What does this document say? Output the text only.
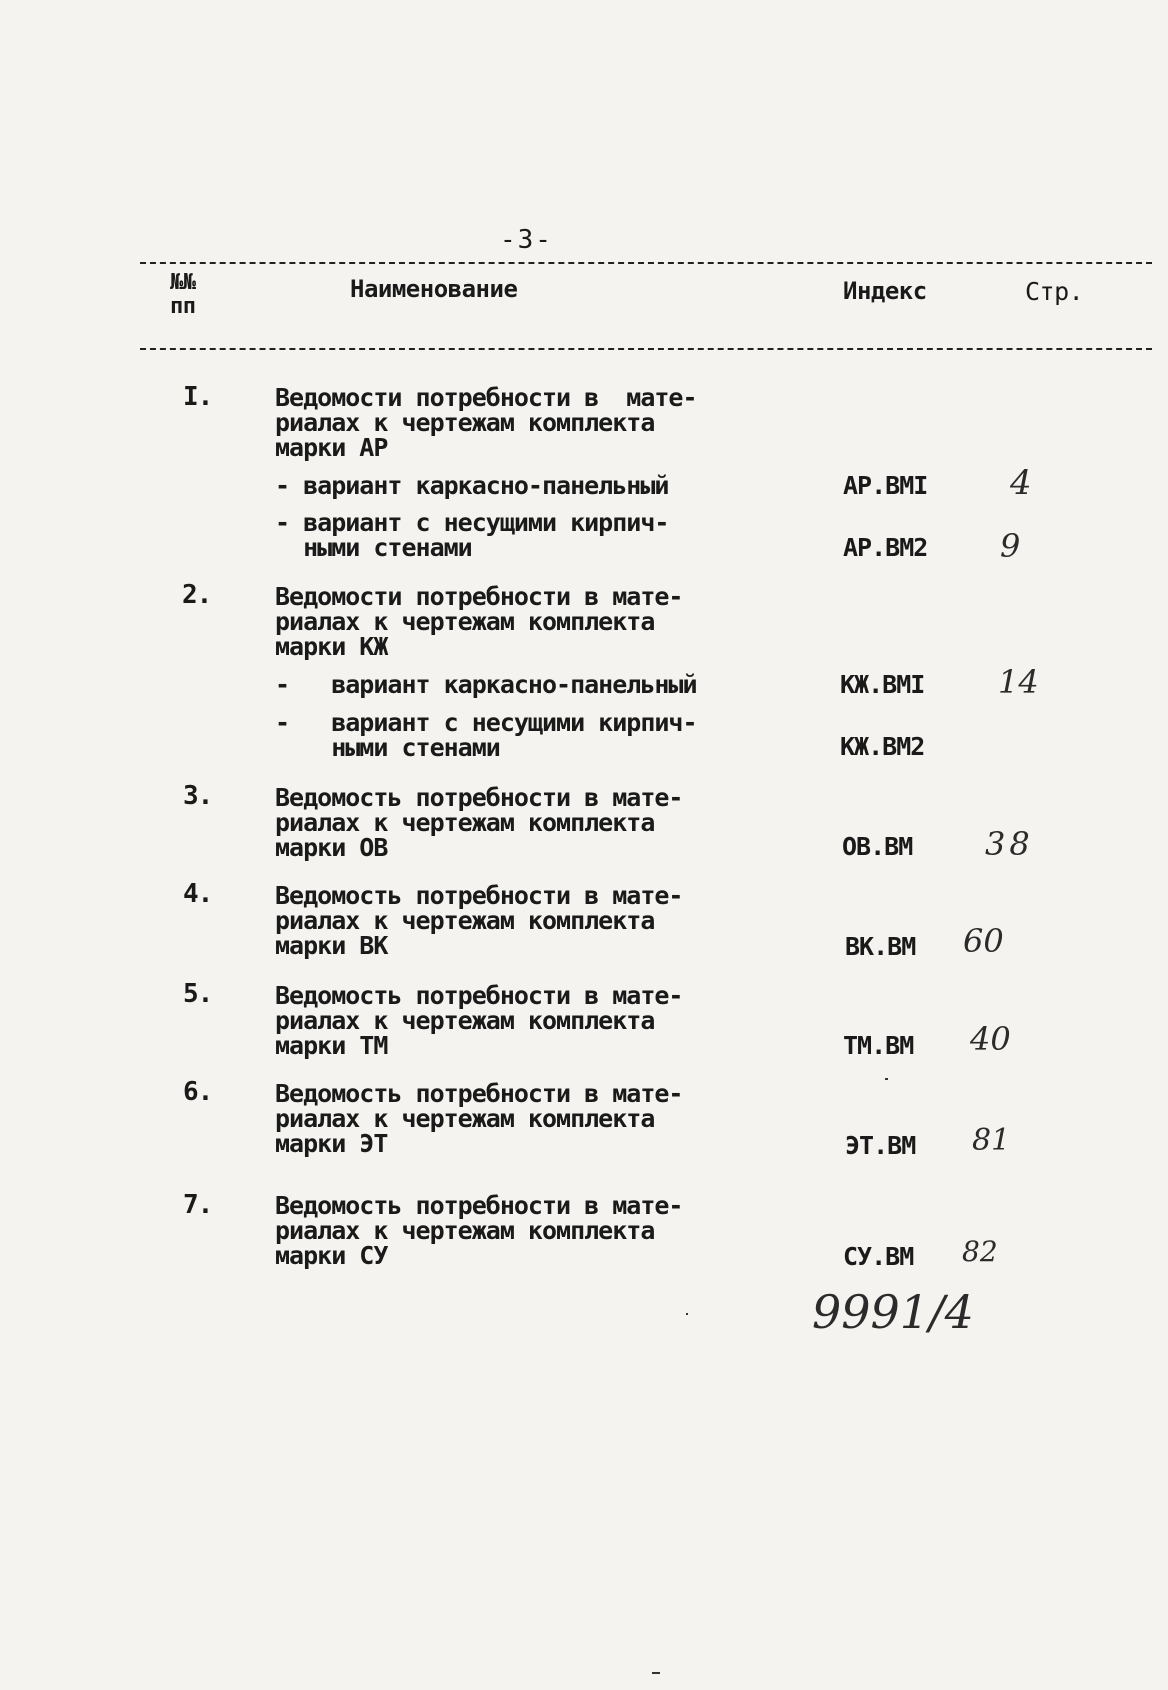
-3-
№№
пп
Наименование	Индекс	Стр.
I.	Ведомости потребности в  мате-
риалах к чертежам комплекта
марки АР
- вариант каркасно-панельный	АР.ВМI 4
- вариант с несущими кирпич-
ными стенами	АР.ВМ2 9
2.	Ведомости потребности в мате-
риалах к чертежам комплекта
марки КЖ
-   вариант каркасно-панельный	КЖ.ВМI 14
-   вариант с несущими кирпич-
ными стенами	КЖ.ВМ2
3.	Ведомость потребности в мате-
риалах к чертежам комплекта
марки ОВ	ОВ.ВМ 38
4.	Ведомость потребности в мате-
риалах к чертежам комплекта
марки ВК	ВК.ВМ 60
5.	Ведомость потребности в мате-
риалах к чертежам комплекта
марки ТМ	ТМ.ВМ 40
6.	Ведомость потребности в мате-
риалах к чертежам комплекта
марки ЭТ	ЭТ.ВМ 81
7.	Ведомость потребности в мате-
риалах к чертежам комплекта
марки СУ	СУ.ВМ 82
9991/4
